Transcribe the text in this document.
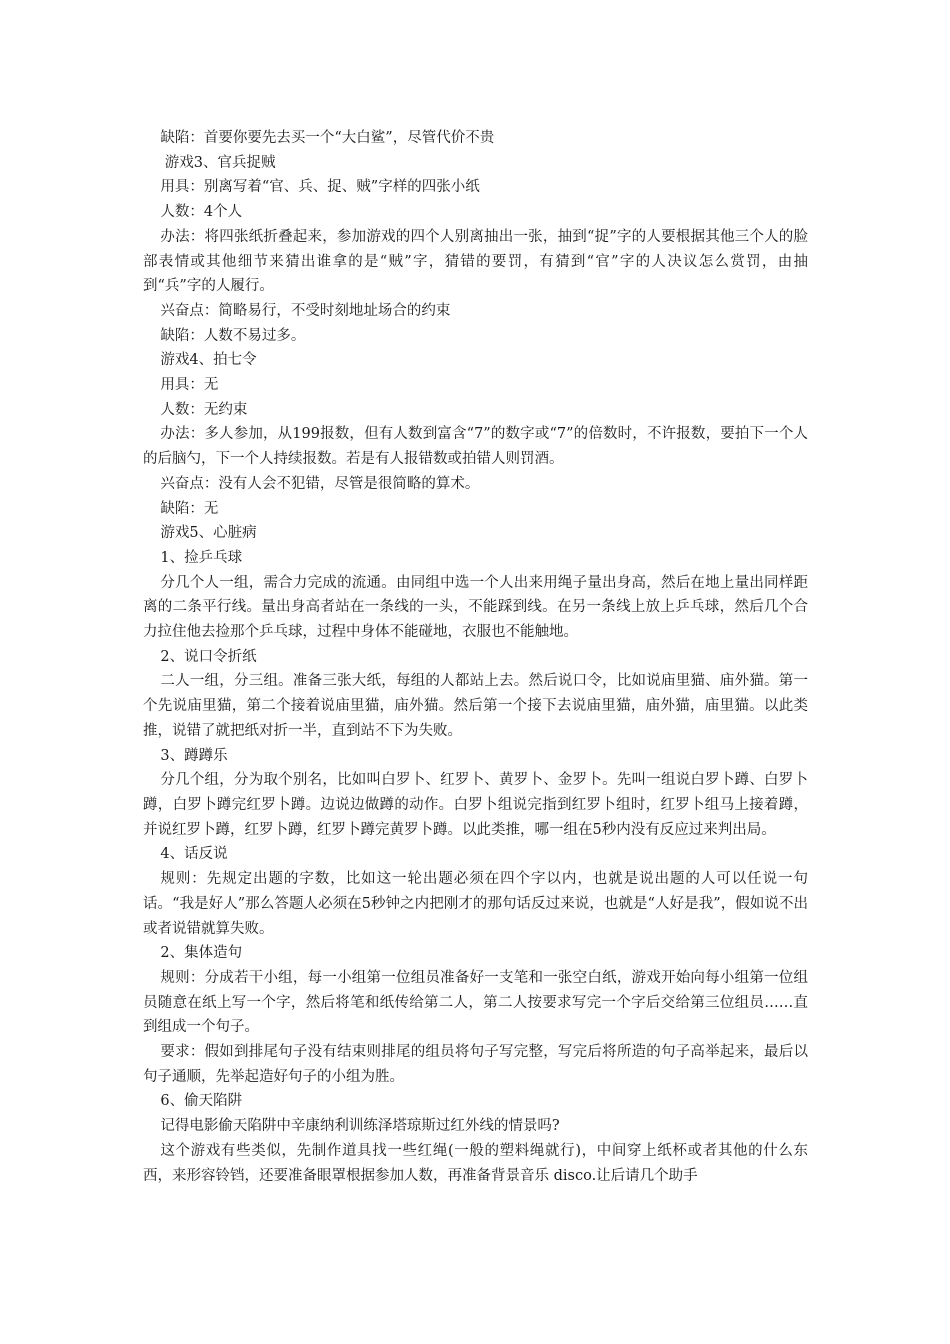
缺陷：首要你要先去买一个“大白鲨”，尽管代价不贵

游戏3、官兵捉贼

用具：别离写着“官、兵、捉、贼”字样的四张小纸

人数：4个人

办法：将四张纸折叠起来，参加游戏的四个人别离抽出一张，抽到“捉”字的人要根据其他三个人的脸部表情或其他细节来猜出谁拿的是“贼”字，猜错的要罚，有猜到“官”字的人决议怎么赏罚，由抽到“兵”字的人履行。

兴奋点：简略易行，不受时刻地址场合的约束

缺陷：人数不易过多。

游戏4、拍七令

用具：无

人数：无约束

办法：多人参加，从199报数，但有人数到富含“7”的数字或“7”的倍数时，不许报数，要拍下一个人的后脑勺，下一个人持续报数。若是有人报错数或拍错人则罚酒。

兴奋点：没有人会不犯错，尽管是很简略的算术。

缺陷：无

游戏5、心脏病

1、捡乒乓球

分几个人一组，需合力完成的流通。由同组中选一个人出来用绳子量出身高，然后在地上量出同样距离的二条平行线。量出身高者站在一条线的一头，不能踩到线。在另一条线上放上乒乓球，然后几个合力拉住他去捡那个乒乓球，过程中身体不能碰地，衣服也不能触地。

2、说口令折纸

二人一组，分三组。准备三张大纸，每组的人都站上去。然后说口令，比如说庙里猫、庙外猫。第一个先说庙里猫，第二个接着说庙里猫，庙外猫。然后第一个接下去说庙里猫，庙外猫，庙里猫。以此类推，说错了就把纸对折一半，直到站不下为失败。

3、蹲蹲乐

分几个组，分为取个别名，比如叫白罗卜、红罗卜、黄罗卜、金罗卜。先叫一组说白罗卜蹲、白罗卜蹲，白罗卜蹲完红罗卜蹲。边说边做蹲的动作。白罗卜组说完指到红罗卜组时，红罗卜组马上接着蹲，并说红罗卜蹲，红罗卜蹲，红罗卜蹲完黄罗卜蹲。以此类推，哪一组在5秒内没有反应过来判出局。

4、话反说

规则：先规定出题的字数，比如这一轮出题必须在四个字以内，也就是说出题的人可以任说一句话。“我是好人”那么答题人必须在5秒钟之内把刚才的那句话反过来说，也就是“人好是我”，假如说不出或者说错就算失败。

2、集体造句

规则：分成若干小组，每一小组第一位组员准备好一支笔和一张空白纸，游戏开始向每小组第一位组员随意在纸上写一个字，然后将笔和纸传给第二人，第二人按要求写完一个字后交给第三位组员……直到组成一个句子。

要求：假如到排尾句子没有结束则排尾的组员将句子写完整，写完后将所造的句子高举起来，最后以句子通顺，先举起造好句子的小组为胜。

6、偷天陷阱

记得电影偷天陷阱中辛康纳利训练泽塔琼斯过红外线的情景吗?

这个游戏有些类似，先制作道具找一些红绳(一般的塑料绳就行)，中间穿上纸杯或者其他的什么东西，来形容铃铛，还要准备眼罩根据参加人数，再准备背景音乐 disco.让后请几个助手
